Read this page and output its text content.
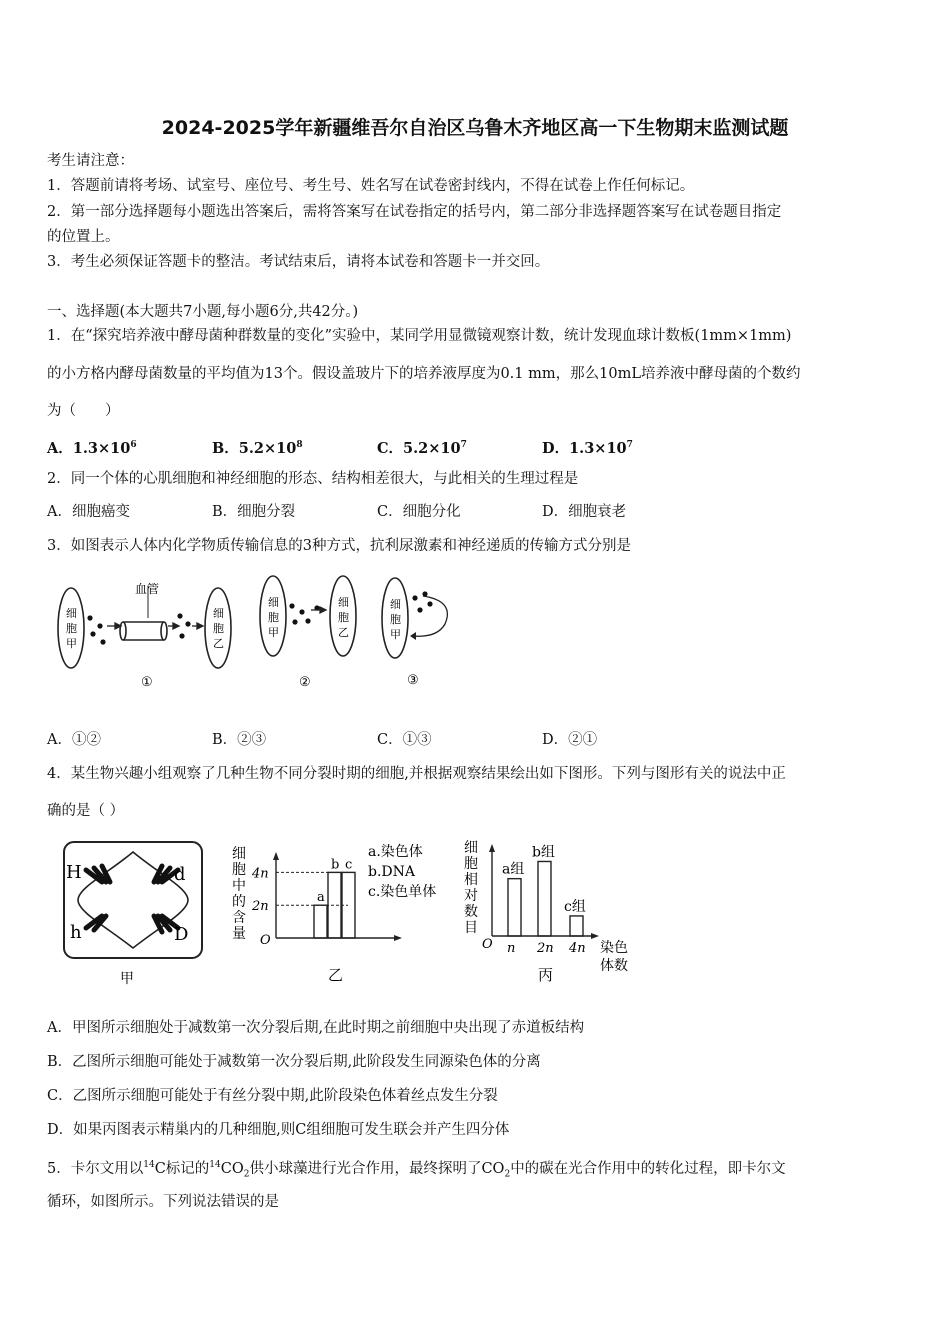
2024-2025学年新疆维吾尔自治区乌鲁木齐地区高一下生物期末监测试题
考生请注意：
1．答题前请将考场、试室号、座位号、考生号、姓名写在试卷密封线内，不得在试卷上作任何标记。
2．第一部分选择题每小题选出答案后，需将答案写在试卷指定的括号内，第二部分非选择题答案写在试卷题目指定
的位置上。
3．考生必须保证答题卡的整洁。考试结束后，请将本试卷和答题卡一并交回。
一、选择题(本大题共7小题,每小题6分,共42分。)
1．在“探究培养液中酵母菌种群数量的变化”实验中，某同学用显微镜观察计数，统计发现血球计数板(1mm×1mm)
的小方格内酵母菌数量的平均值为13个。假设盖玻片下的培养液厚度为0.1 mm，那么10mL培养液中酵母菌的个数约
为（　　）
A．$1.3\times 10^6$	B．$5.2\times 10^8$	C．$5.2\times 10^7$	D．$1.3\times 10^7$
2．同一个体的心肌细胞和神经细胞的形态、结构相差很大，与此相关的生理过程是
A．细胞癌变	B．细胞分裂	C．细胞分化	D．细胞衰老
3．如图表示人体内化学物质传输信息的3种方式，抗利尿激素和神经递质的传输方式分别是
血管
细胞甲
细胞乙
①
细胞甲
细胞乙
②
细胞甲
③
A．①②	B．②③	C．①③	D．②①
4．某生物兴趣小组观察了几种生物不同分裂时期的细胞,并根据观察结果绘出如下图形。下列与图形有关的说法中正
确的是（ ）
H	d
h	D
甲
细胞中的含量 O
2n
4n
a
b c
a.染色体
b.DNA
c.染色单体
乙
细胞相对数目
O
a组
n
b组
2n
c组
4n 染色
体数
丙
A．甲图所示细胞处于减数第一次分裂后期,在此时期之前细胞中央出现了赤道板结构
B．乙图所示细胞可能处于减数第一次分裂后期,此阶段发生同源染色体的分离
C．乙图所示细胞可能处于有丝分裂中期,此阶段染色体着丝点发生分裂
D．如果丙图表示精巢内的几种细胞,则C组细胞可发生联会并产生四分体
5．卡尔文用以$^{14}$C标记的$^{14}CO_2$供小球藻进行光合作用，最终探明了$CO_2$中的碳在光合作用中的转化过程，即卡尔文
循环，如图所示。下列说法错误的是
